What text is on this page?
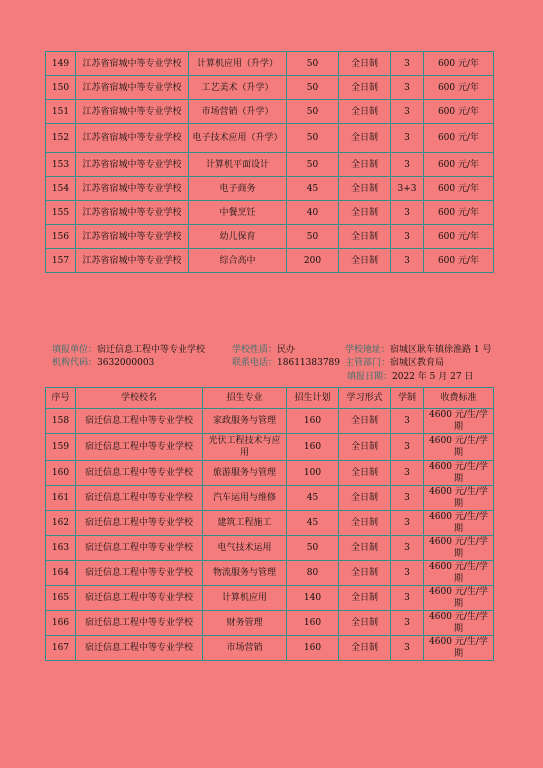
149	江苏省宿城中等专业学校	计算机应用（升学）	50	全日制	3	600 元/年
150	江苏省宿城中等专业学校	工艺美术（升学）	50	全日制	3	600 元/年
151	江苏省宿城中等专业学校	市场营销（升学）	50	全日制	3	600 元/年
152	江苏省宿城中等专业学校	电子技术应用（升学）	50	全日制	3	600 元/年
153	江苏省宿城中等专业学校	计算机平面设计	50	全日制	3	600 元/年
154	江苏省宿城中等专业学校	电子商务	45	全日制	3+3	600 元/年
155	江苏省宿城中等专业学校	中餐烹饪	40	全日制	3	600 元/年
156	江苏省宿城中等专业学校	幼儿保育	50	全日制	3	600 元/年
157	江苏省宿城中等专业学校	综合高中	200	全日制	3	600 元/年
填报单位：宿迁信息工程中等专业学校	学校性质：民办	学校地址：宿城区耿车镇徐淮路 1 号
机构代码：3632000003	联系电话：18611383789 主管部门：宿城区教育局
填报日期：2022 年 5 月 27 日
序号	学校校名	招生专业	招生计划	学习形式	学制	收费标准
158	宿迁信息工程中等专业学校	家政服务与管理	160	全日制	3	4600 元/生/学期
159	宿迁信息工程中等专业学校	光伏工程技术与应用	160	全日制	3	4600 元/生/学期
160	宿迁信息工程中等专业学校	旅游服务与管理	100	全日制	3	4600 元/生/学期
161	宿迁信息工程中等专业学校	汽车运用与维修	45	全日制	3	4600 元/生/学期
162	宿迁信息工程中等专业学校	建筑工程施工	45	全日制	3	4600 元/生/学期
163	宿迁信息工程中等专业学校	电气技术运用	50	全日制	3	4600 元/生/学期
164	宿迁信息工程中等专业学校	物流服务与管理	80	全日制	3	4600 元/生/学期
165	宿迁信息工程中等专业学校	计算机应用	140	全日制	3	4600 元/生/学期
166	宿迁信息工程中等专业学校	财务管理	160	全日制	3	4600 元/生/学期
167	宿迁信息工程中等专业学校	市场营销	160	全日制	3	4600 元/生/学期
